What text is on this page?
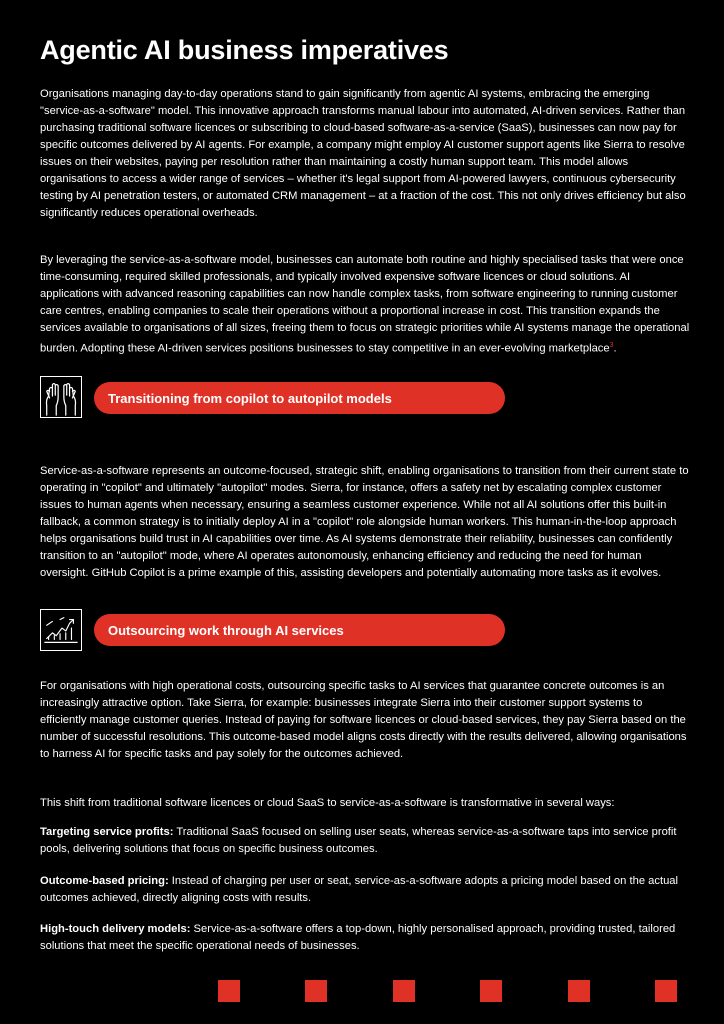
Agentic AI business imperatives

Organisations managing day-to-day operations stand to gain significantly from agentic AI systems, embracing the emerging "service-as-a-software" model. This innovative approach transforms manual labour into automated, AI-driven services. Rather than purchasing traditional software licences or subscribing to cloud-based software-as-a-service (SaaS), businesses can now pay for specific outcomes delivered by AI agents. For example, a company might employ AI customer support agents like Sierra to resolve issues on their websites, paying per resolution rather than maintaining a costly human support team. This model allows organisations to access a wider range of services – whether it's legal support from AI-powered lawyers, continuous cybersecurity testing by AI penetration testers, or automated CRM management – at a fraction of the cost. This not only drives efficiency but also significantly reduces operational overheads.

By leveraging the service-as-a-software model, businesses can automate both routine and highly specialised tasks that were once time-consuming, required skilled professionals, and typically involved expensive software licences or cloud solutions. AI applications with advanced reasoning capabilities can now handle complex tasks, from software engineering to running customer care centres, enabling companies to scale their operations without a proportional increase in cost. This transition expands the services available to organisations of all sizes, freeing them to focus on strategic priorities while AI systems manage the operational burden. Adopting these AI-driven services positions businesses to stay competitive in an ever-evolving marketplace$^3$.

Transitioning from copilot to autopilot models

Service-as-a-software represents an outcome-focused, strategic shift, enabling organisations to transition from their current state to operating in "copilot" and ultimately "autopilot" modes. Sierra, for instance, offers a safety net by escalating complex customer issues to human agents when necessary, ensuring a seamless customer experience. While not all AI solutions offer this built-in fallback, a common strategy is to initially deploy AI in a "copilot" role alongside human workers. This human-in-the-loop approach helps organisations build trust in AI capabilities over time. As AI systems demonstrate their reliability, businesses can confidently transition to an "autopilot" mode, where AI operates autonomously, enhancing efficiency and reducing the need for human oversight. GitHub Copilot is a prime example of this, assisting developers and potentially automating more tasks as it evolves.

Outsourcing work through AI services

For organisations with high operational costs, outsourcing specific tasks to AI services that guarantee concrete outcomes is an increasingly attractive option. Take Sierra, for example: businesses integrate Sierra into their customer support systems to efficiently manage customer queries. Instead of paying for software licences or cloud-based services, they pay Sierra based on the number of successful resolutions. This outcome-based model aligns costs directly with the results delivered, allowing organisations to harness AI for specific tasks and pay solely for the outcomes achieved.

This shift from traditional software licences or cloud SaaS to service-as-a-software is transformative in several ways:

Targeting service profits: Traditional SaaS focused on selling user seats, whereas service-as-a-software taps into service profit pools, delivering solutions that focus on specific business outcomes.

Outcome-based pricing: Instead of charging per user or seat, service-as-a-software adopts a pricing model based on the actual outcomes achieved, directly aligning costs with results.

High-touch delivery models: Service-as-a-software offers a top-down, highly personalised approach, providing trusted, tailored solutions that meet the specific operational needs of businesses.
